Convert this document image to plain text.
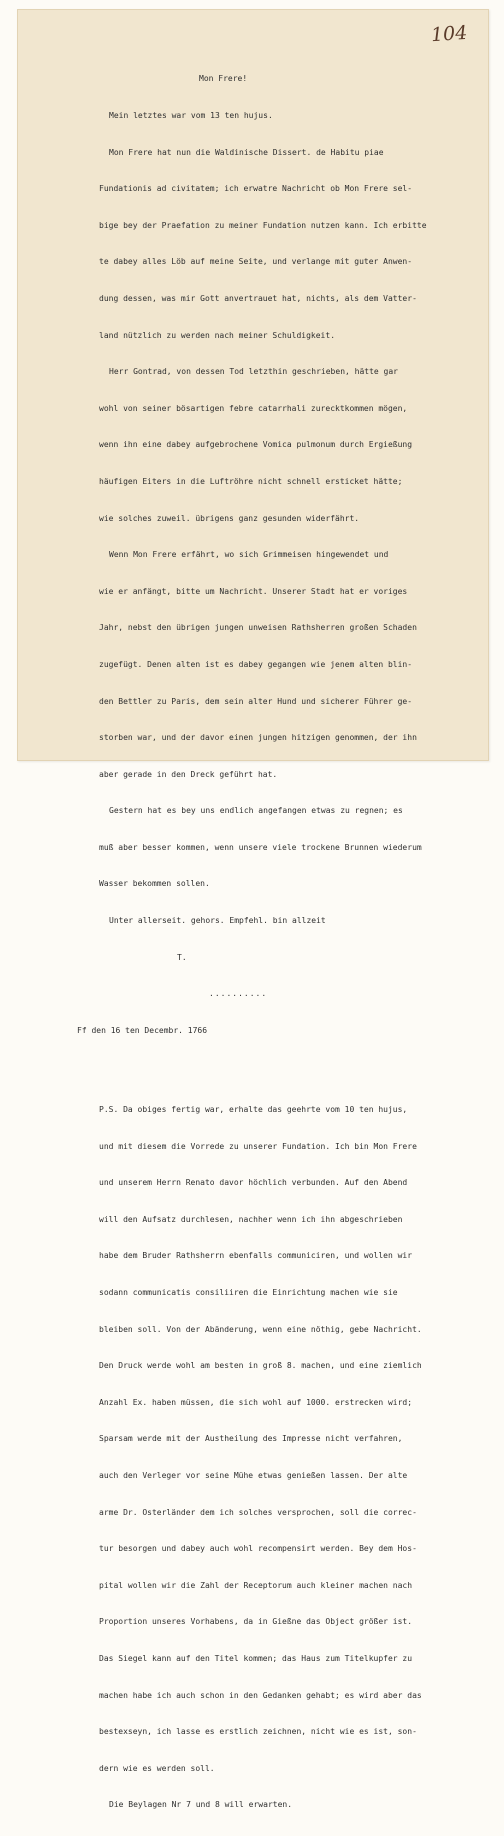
104

Mon Frere!

Mein letztes war vom 13 ten hujus.

Mon Frere hat nun die Waldinische Dissert. de Habitu piae

Fundationis ad civitatem; ich erwatre Nachricht ob Mon Frere sel-

bige bey der Praefation zu meiner Fundation nutzen kann. Ich erbitte

te dabey alles Löb auf meine Seite, und verlange mit guter Anwen-

dung dessen, was mir Gott anvertrauet hat, nichts, als dem Vatter-

land nützlich zu werden nach meiner Schuldigkeit.

Herr Gontrad, von dessen Tod letzthin geschrieben, hätte gar

wohl von seiner bösartigen febre catarrhali zurecktkommen mögen,

wenn ihn eine dabey aufgebrochene Vomica pulmonum durch Ergießung

häufigen Eiters in die Luftröhre nicht schnell ersticket hätte;

wie solches zuweil. übrigens ganz gesunden widerfährt.

Wenn Mon Frere erfährt, wo sich Grimmeisen hingewendet und

wie er anfängt, bitte um Nachricht. Unserer Stadt hat er voriges

Jahr, nebst den übrigen jungen unweisen Rathsherren großen Schaden

zugefügt. Denen alten ist es dabey gegangen wie jenem alten blin-

den Bettler zu Paris, dem sein alter Hund und sicherer Führer ge-

storben war, und der davor einen jungen hitzigen genommen, der ihn

aber gerade in den Dreck geführt hat.

Gestern hat es bey uns endlich angefangen etwas zu regnen; es

muß aber besser kommen, wenn unsere viele trockene Brunnen wiederum

Wasser bekommen sollen.

Unter allerseit. gehors. Empfehl. bin allzeit

T.

..........

Ff den 16 ten Decembr. 1766

P.S. Da obiges fertig war, erhalte das geehrte vom 10 ten hujus,

und mit diesem die Vorrede zu unserer Fundation. Ich bin Mon Frere

und unserem Herrn Renato davor höchlich verbunden. Auf den Abend

will den Aufsatz durchlesen, nachher wenn ich ihn abgeschrieben

habe dem Bruder Rathsherrn ebenfalls communiciren, und wollen wir

sodann communicatis consiliiren die Einrichtung machen wie sie

bleiben soll. Von der Abänderung, wenn eine nöthig, gebe Nachricht.

Den Druck werde wohl am besten in groß 8. machen, und eine ziemlich

Anzahl Ex. haben müssen, die sich wohl auf 1000. erstrecken wird;

Sparsam werde mit der Austheilung des Impresse nicht verfahren,

auch den Verleger vor seine Mühe etwas genießen lassen. Der alte

arme Dr. Osterländer dem ich solches versprochen, soll die correc-

tur besorgen und dabey auch wohl recompensirt werden. Bey dem Hos-

pital wollen wir die Zahl der Receptorum auch kleiner machen nach

Proportion unseres Vorhabens, da in Gießne das Object größer ist.

Das Siegel kann auf den Titel kommen; das Haus zum Titelkupfer zu

machen habe ich auch schon in den Gedanken gehabt; es wird aber das

bestexseyn, ich lasse es erstlich zeichnen, nicht wie es ist, son-

dern wie es werden soll.

Die Beylagen Nr 7 und 8 will erwarten.
